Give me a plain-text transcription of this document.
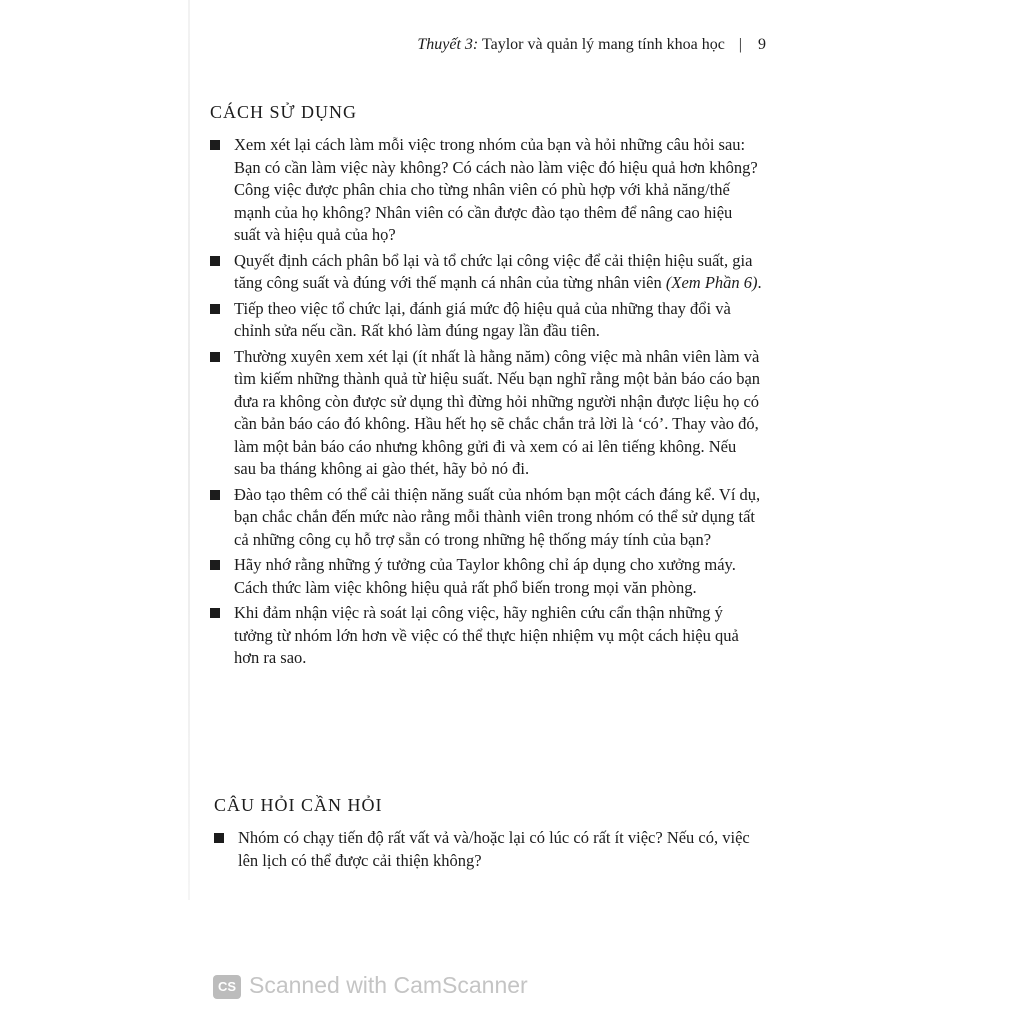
Thuyết 3: Taylor và quản lý mang tính khoa học | 9
CÁCH SỬ DỤNG
Xem xét lại cách làm mỗi việc trong nhóm của bạn và hỏi những câu hỏi sau: Bạn có cần làm việc này không? Có cách nào làm việc đó hiệu quả hơn không? Công việc được phân chia cho từng nhân viên có phù hợp với khả năng/thế mạnh của họ không? Nhân viên có cần được đào tạo thêm để nâng cao hiệu suất và hiệu quả của họ?
Quyết định cách phân bổ lại và tổ chức lại công việc để cải thiện hiệu suất, gia tăng công suất và đúng với thế mạnh cá nhân của từng nhân viên (Xem Phần 6).
Tiếp theo việc tổ chức lại, đánh giá mức độ hiệu quả của những thay đổi và chỉnh sửa nếu cần. Rất khó làm đúng ngay lần đầu tiên.
Thường xuyên xem xét lại (ít nhất là hằng năm) công việc mà nhân viên làm và tìm kiếm những thành quả từ hiệu suất. Nếu bạn nghĩ rằng một bản báo cáo bạn đưa ra không còn được sử dụng thì đừng hỏi những người nhận được liệu họ có cần bản báo cáo đó không. Hầu hết họ sẽ chắc chắn trả lời là ‘có’. Thay vào đó, làm một bản báo cáo nhưng không gửi đi và xem có ai lên tiếng không. Nếu sau ba tháng không ai gào thét, hãy bỏ nó đi.
Đào tạo thêm có thể cải thiện năng suất của nhóm bạn một cách đáng kể. Ví dụ, bạn chắc chắn đến mức nào rằng mỗi thành viên trong nhóm có thể sử dụng tất cả những công cụ hỗ trợ sẵn có trong những hệ thống máy tính của bạn?
Hãy nhớ rằng những ý tưởng của Taylor không chỉ áp dụng cho xưởng máy. Cách thức làm việc không hiệu quả rất phổ biến trong mọi văn phòng.
Khi đảm nhận việc rà soát lại công việc, hãy nghiên cứu cẩn thận những ý tưởng từ nhóm lớn hơn về việc có thể thực hiện nhiệm vụ một cách hiệu quả hơn ra sao.
CÂU HỎI CẦN HỎI
Nhóm có chạy tiến độ rất vất vả và/hoặc lại có lúc có rất ít việc? Nếu có, việc lên lịch có thể được cải thiện không?
CS Scanned with CamScanner
